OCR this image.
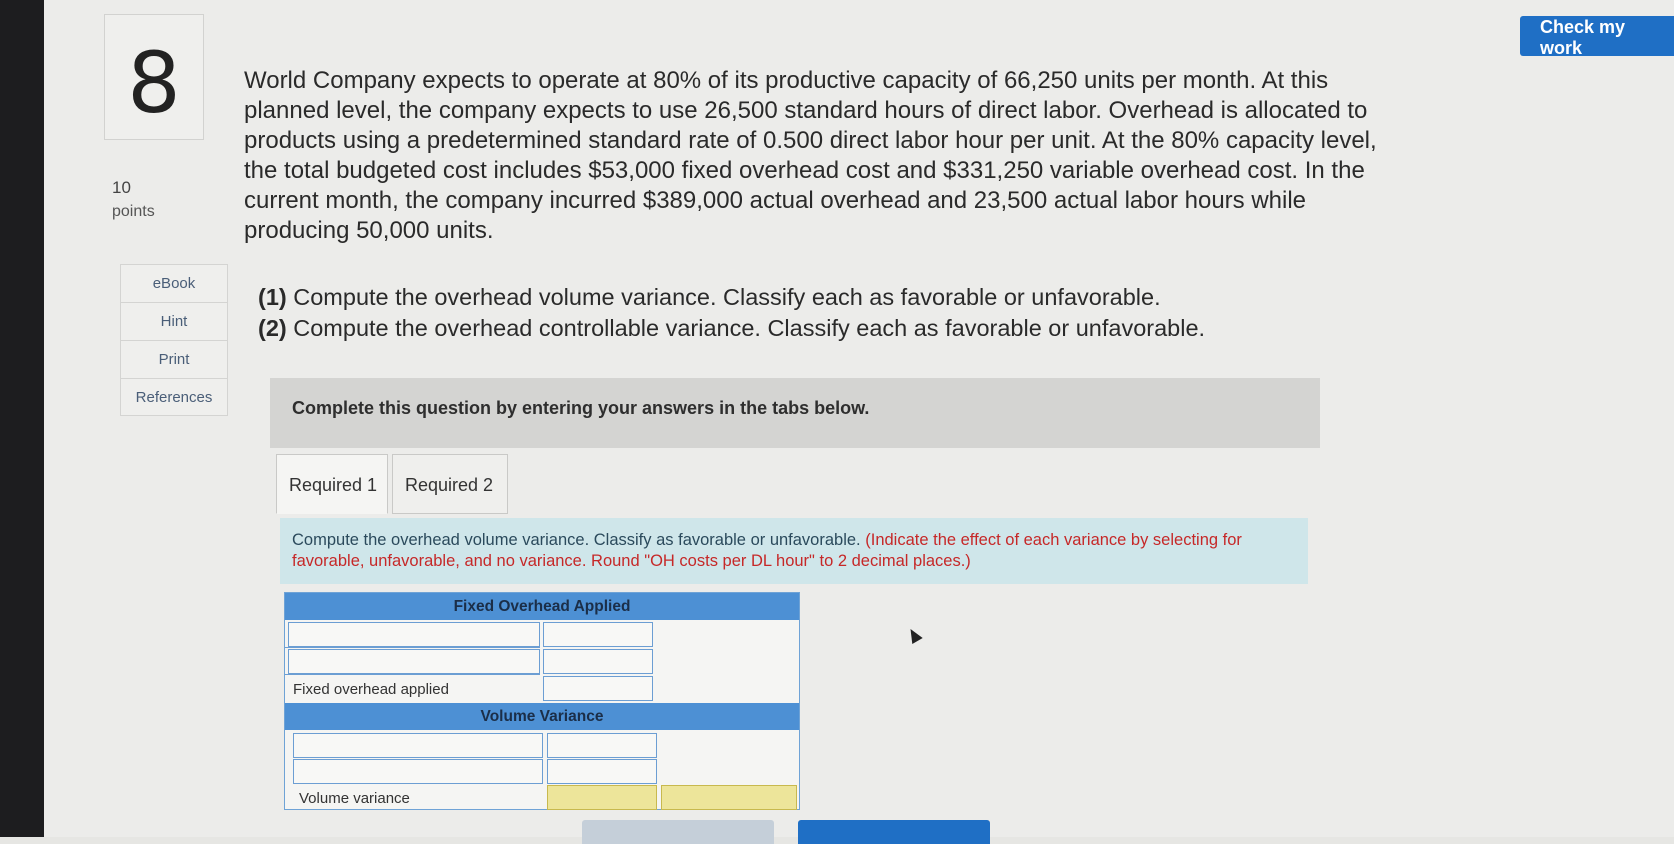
Check my work
8
10
points
eBook
Hint
Print
References
World Company expects to operate at 80% of its productive capacity of 66,250 units per month. At this
planned level, the company expects to use 26,500 standard hours of direct labor. Overhead is allocated to
products using a predetermined standard rate of 0.500 direct labor hour per unit. At the 80% capacity level,
the total budgeted cost includes $53,000 fixed overhead cost and $331,250 variable overhead cost. In the
current month, the company incurred $389,000 actual overhead and 23,500 actual labor hours while
producing 50,000 units.
(1) Compute the overhead volume variance. Classify each as favorable or unfavorable.
(2) Compute the overhead controllable variance. Classify each as favorable or unfavorable.
Complete this question by entering your answers in the tabs below.
Required 1	Required 2
Compute the overhead volume variance. Classify as favorable or unfavorable. (Indicate the effect of each variance by selecting for favorable, unfavorable, and no variance. Round "OH costs per DL hour" to 2 decimal places.)
Fixed Overhead Applied
Fixed overhead applied
Volume Variance
Volume variance
